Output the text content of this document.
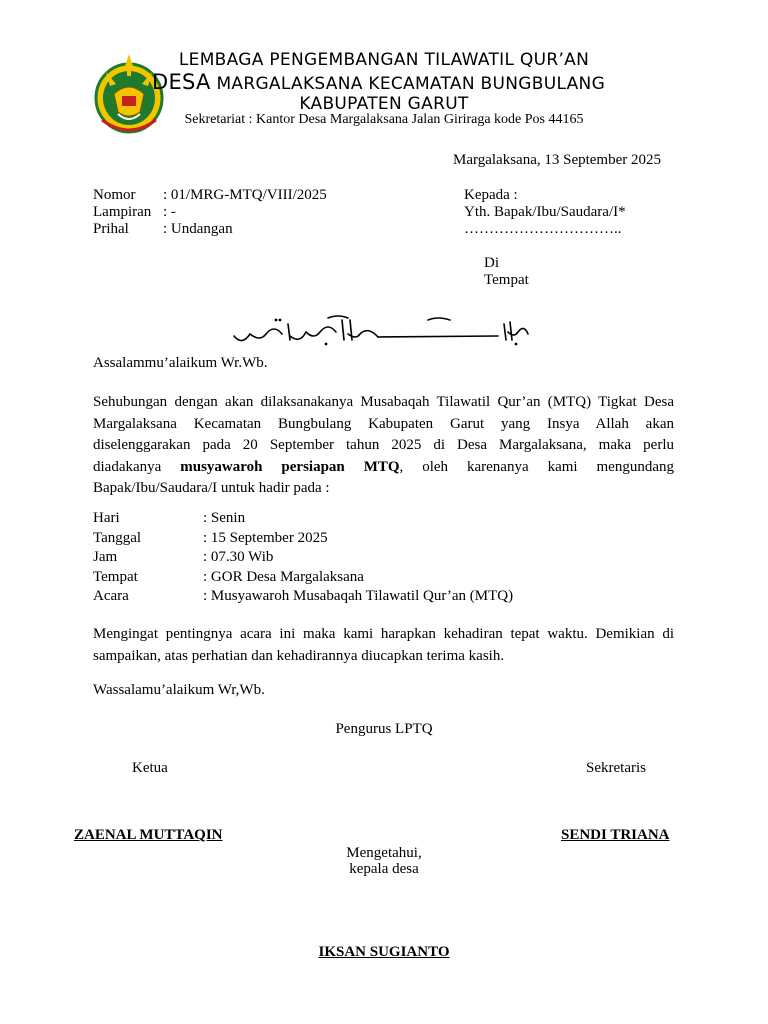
LEMBAGA PENGEMBANGAN TILAWATIL QUR’AN
DESA MARGALAKSANA KECAMATAN BUNGBULANG
KABUPATEN GARUT
Sekretariat : Kantor Desa Margalaksana Jalan Giriraga kode Pos 44165
Margalaksana, 13 September 2025
Nomor : 01/MRG-MTQ/VIII/2025
Lampiran : -
Prihal : Undangan
Kepada :
Yth. Bapak/Ibu/Saudara/I*
…………………………..
Di
Tempat
Assalammu’alaikum Wr.Wb.
Sehubungan dengan akan dilaksanakanya Musabaqah Tilawatil Qur’an (MTQ) Tigkat Desa
Margalaksana Kecamatan Bungbulang Kabupaten Garut yang Insya Allah akan
diselenggarakan pada 20 September tahun 2025 di Desa Margalaksana, maka perlu
diadakanya musyawaroh persiapan MTQ, oleh karenanya kami mengundang
Bapak/Ibu/Saudara/I untuk hadir pada :
Hari	: Senin
Tanggal	: 15 September 2025
Jam	: 07.30 Wib
Tempat	: GOR Desa Margalaksana
Acara	: Musyawaroh Musabaqah Tilawatil Qur’an (MTQ)
Mengingat pentingnya acara ini maka kami harapkan kehadiran tepat waktu. Demikian di
sampaikan, atas perhatian dan kehadirannya diucapkan terima kasih.
Wassalamu’alaikum Wr,Wb.
Pengurus LPTQ
Ketua	Sekretaris
ZAENAL MUTTAQIN	SENDI TRIANA
Mengetahui,
kepala desa
IKSAN SUGIANTO
